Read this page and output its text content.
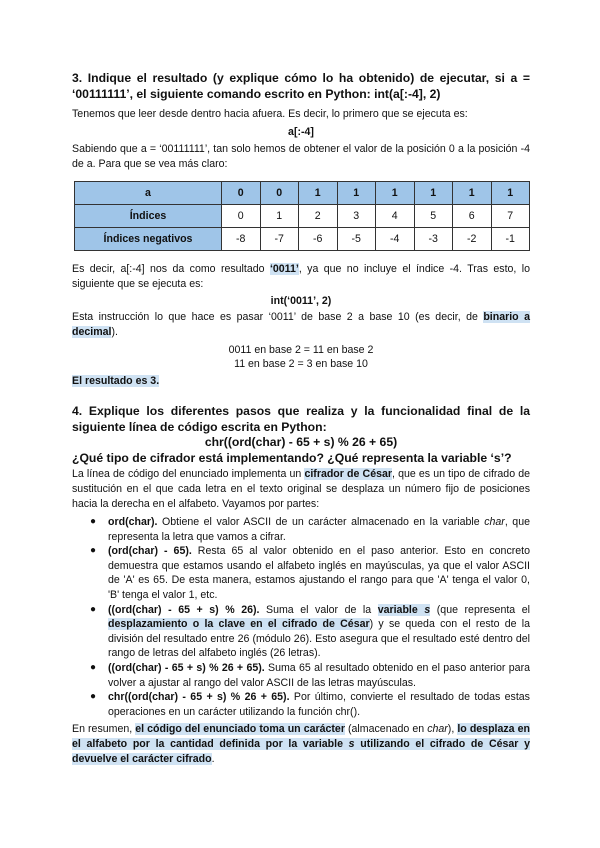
3. Indique el resultado (y explique cómo lo ha obtenido) de ejecutar, si a = ‘00111111’, el siguiente comando escrito en Python: int(a[:-4], 2)
Tenemos que leer desde dentro hacia afuera. Es decir, lo primero que se ejecuta es:
a[:-4]
Sabiendo que a = ‘00111111’, tan solo hemos de obtener el valor de la posición 0 a la posición -4 de a. Para que se vea más claro:
a	0	0	1	1	1	1	1	1
Índices	0	1	2	3	4	5	6	7
Índices negativos	-8	-7	-6	-5	-4	-3	-2	-1
Es decir, a[:-4] nos da como resultado ‘0011’, ya que no incluye el índice -4. Tras esto, lo siguiente que se ejecuta es:
int(‘0011’, 2)
Esta instrucción lo que hace es pasar ‘0011’ de base 2 a base 10 (es decir, de binario a decimal).
0011 en base 2 = 11 en base 2
11 en base 2 = 3 en base 10
El resultado es 3.
4. Explique los diferentes pasos que realiza y la funcionalidad final de la siguiente línea de código escrita en Python:
chr((ord(char) - 65 + s) % 26 + 65)
¿Qué tipo de cifrador está implementando? ¿Qué representa la variable ‘s’?
La línea de código del enunciado implementa un cifrador de César, que es un tipo de cifrado de sustitución en el que cada letra en el texto original se desplaza un número fijo de posiciones hacia la derecha en el alfabeto. Vayamos por partes:
● ord(char). Obtiene el valor ASCII de un carácter almacenado en la variable char, que representa la letra que vamos a cifrar.
● (ord(char) - 65). Resta 65 al valor obtenido en el paso anterior. Esto en concreto demuestra que estamos usando el alfabeto inglés en mayúsculas, ya que el valor ASCII de 'A' es 65. De esta manera, estamos ajustando el rango para que 'A' tenga el valor 0, 'B' tenga el valor 1, etc.
● ((ord(char) - 65 + s) % 26). Suma el valor de la variable s (que representa el desplazamiento o la clave en el cifrado de César) y se queda con el resto de la división del resultado entre 26 (módulo 26). Esto asegura que el resultado esté dentro del rango de letras del alfabeto inglés (26 letras).
● ((ord(char) - 65 + s) % 26 + 65). Suma 65 al resultado obtenido en el paso anterior para volver a ajustar al rango del valor ASCII de las letras mayúsculas.
● chr((ord(char) - 65 + s) % 26 + 65). Por último, convierte el resultado de todas estas operaciones en un carácter utilizando la función chr().
En resumen, el código del enunciado toma un carácter (almacenado en char), lo desplaza en el alfabeto por la cantidad definida por la variable s utilizando el cifrado de César y devuelve el carácter cifrado.
